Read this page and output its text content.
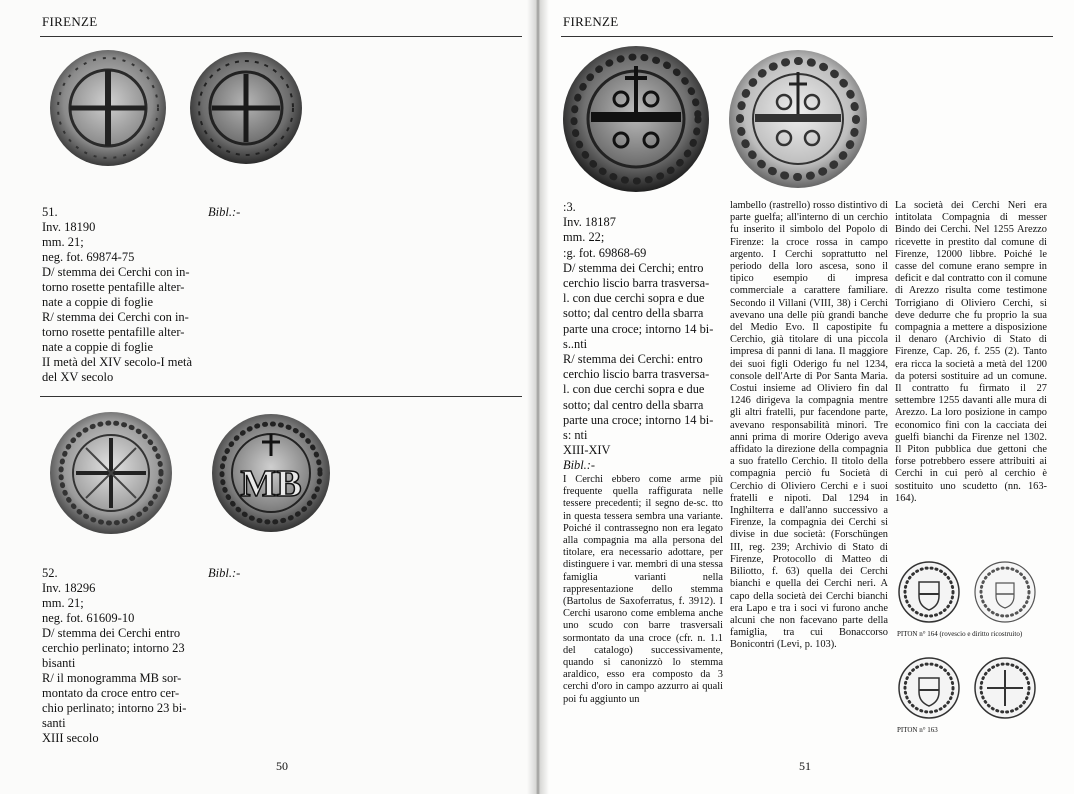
FIRENZE
51.
Inv. 18190
mm. 21;
neg. fot. 69874-75
D/ stemma dei Cerchi con in-
torno rosette pentafille alter-
nate a coppie di foglie
R/ stemma dei Cerchi con in-
torno rosette pentafille alter-
nate a coppie di foglie
II metà del XIV secolo-I metà
del XV secolo
Bibl.:-
MB
52.
Inv. 18296
mm. 21;
neg. fot. 61609-10
D/ stemma dei Cerchi entro
cerchio perlinato; intorno 23
bisanti
R/ il monogramma MB sor-
montato da croce entro cer-
chio perlinato; intorno 23 bi-
santi
XIII secolo
Bibl.:-
50
FIRENZE
:3.
Inv. 18187
mm. 22;
:g. fot. 69868-69
D/ stemma dei Cerchi; entro
cerchio liscio barra trasversa-
l. con due cerchi sopra e due
sotto; dal centro della sbarra
parte una croce; intorno 14 bi-
s..nti
R/ stemma dei Cerchi: entro
cerchio liscio barra trasversa-
l. con due cerchi sopra e due
sotto; dal centro della sbarra
parte una croce; intorno 14 bi-
s: nti
XIII-XIV
Bibl.:-

I Cerchi ebbero come arme più frequente quella raffigurata nelle tessere precedenti; il segno de-sc. tto in questa tessera sembra una variante. Poiché il contrassegno non era legato alla compagnia ma alla persona del titolare, era necessario adottare, per distinguere i var. membri di una stessa famiglia varianti nella rappresentazione dello stemma (Bartolus de Saxoferratus, f. 3912). I Cerchi usarono come emblema anche uno scudo con barre trasversali sormontato da una croce (cfr. n. 1.1 del catalogo) successivamente, quando si canonizzò lo stemma araldico, esso era composto da 3 cerchi d'oro in campo azzurro ai quali poi fu aggiunto un

lambello (rastrello) rosso distintivo di parte guelfa; all'interno di un cerchio fu inserito il simbolo del Popolo di Firenze: la croce rossa in campo argento. I Cerchi soprattutto nel periodo della loro ascesa, sono il tipico esempio di impresa commerciale a carattere familiare. Secondo il Villani (VIII, 38) i Cerchi avevano una delle più grandi banche del Medio Evo. Il capostipite fu Cerchio, già titolare di una piccola impresa di panni di lana. Il maggiore dei suoi figli Oderigo fu nel 1234, console dell'Arte di Por Santa Maria. Costui insieme ad Oliviero fin dal 1246 dirigeva la compagnia mentre gli altri fratelli, pur facendone parte, avevano responsabilità minori. Tre anni prima di morire Oderigo aveva affidato la direzione della compagnia a suo fratello Cerchio. Il titolo della compagnia perciò fu Società di Cerchio di Oliviero Cerchi e i suoi fratelli e nipoti. Dal 1294 in Inghilterra e dall'anno successivo a Firenze, la compagnia dei Cerchi si divise in due società: (Forschüngen III, reg. 239; Archivio di Stato di Firenze, Protocollo di Matteo di Biliotto, f. 63) quella dei Cerchi bianchi e quella dei Cerchi neri. A capo della società dei Cerchi bianchi era Lapo e tra i soci vi furono anche alcuni che non facevano parte della famiglia, tra cui Bonaccorso Bonicontri (Levi, p. 103).

La società dei Cerchi Neri era intitolata Compagnia di messer Bindo dei Cerchi. Nel 1255 Arezzo ricevette in prestito dal comune di Firenze, 12000 libbre. Poiché le casse del comune erano sempre in deficit e dal contratto con il comune di Arezzo risulta come testimone Torrigiano di Oliviero Cerchi, si deve dedurre che fu proprio la sua compagnia a mettere a disposizione il denaro (Archivio di Stato di Firenze, Cap. 26, f. 255 (2). Tanto era ricca la società a metà del 1200 da potersi sostituire ad un comune. Il contratto fu firmato il 27 settembre 1255 davanti alle mura di Arezzo. La loro posizione in campo economico finì con la cacciata dei guelfi bianchi da Firenze nel 1302. Il Piton pubblica due gettoni che forse potrebbero essere attribuiti ai Cerchi in cui però al cerchio è sostituito uno scudetto (nn. 163-164).

PITON n° 164 (rovescio e diritto ricostruito)
PITON n° 163
51
